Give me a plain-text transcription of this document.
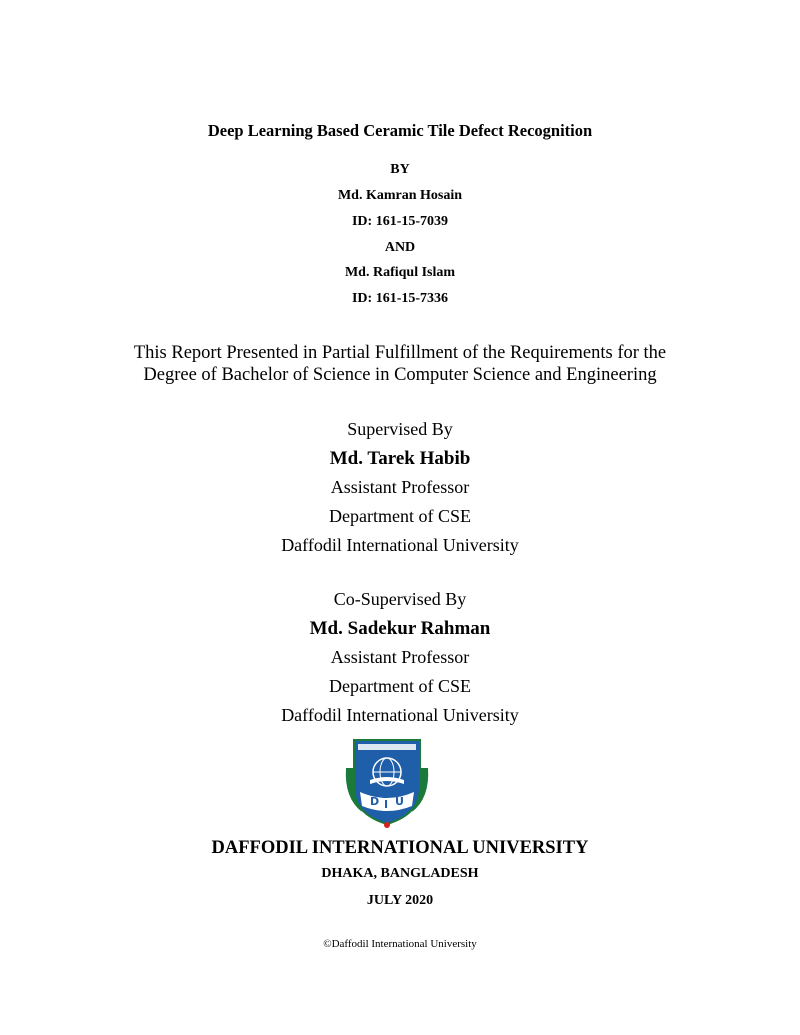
Deep Learning Based Ceramic Tile Defect Recognition
BY
Md. Kamran Hosain
ID: 161-15-7039
AND
Md. Rafiqul Islam
ID: 161-15-7336
This Report Presented in Partial Fulfillment of the Requirements for the
Degree of Bachelor of Science in Computer Science and Engineering
Supervised By
Md. Tarek Habib
Assistant Professor
Department of CSE
Daffodil International University
Co-Supervised By
Md. Sadekur Rahman
Assistant Professor
Department of CSE
Daffodil International University
D I U
DAFFODIL INTERNATIONAL UNIVERSITY
DHAKA, BANGLADESH
JULY 2020
©Daffodil International University
